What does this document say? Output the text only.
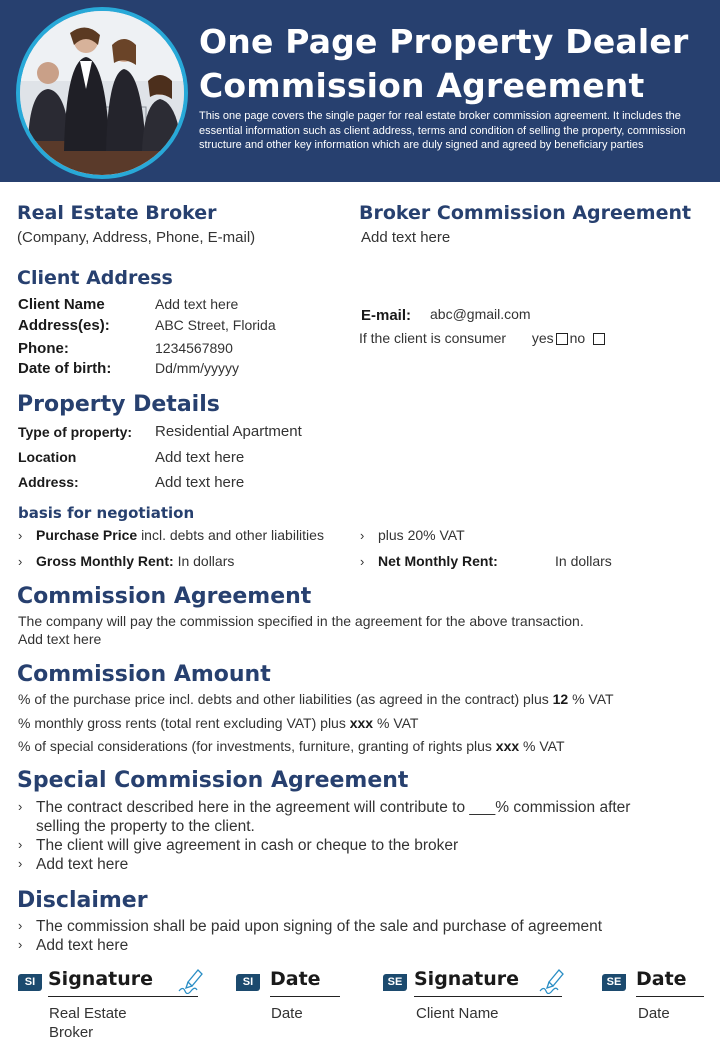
One Page Property Dealer Commission Agreement
This one page covers the single pager for real estate broker commission agreement. It includes the essential information such as client address, terms and condition of selling the property, commission structure and other key information which are duly signed and agreed by beneficiary parties
Real Estate Broker
(Company, Address, Phone, E-mail)
Broker Commission Agreement
Add text here
Client Address
Client Name	Add text here
Address(es):	ABC Street, Florida
Phone:	1234567890
Date of birth:	Dd/mm/yyyyy
E-mail: abc@gmail.com
If the client is consumer yes no
Property Details
Type of property: Residential Apartment
Location	Add text here
Address:	Add text here
basis for negotiation
› Purchase Price incl. debts and other liabilities	› plus 20% VAT
› Gross Monthly Rent: In dollars	› Net Monthly Rent:	In dollars
Commission Agreement
The company will pay the commission specified in the agreement for the above transaction.
Add text here
Commission Amount
% of the purchase price incl. debts and other liabilities (as agreed in the contract) plus 12 % VAT
% monthly gross rents (total rent excluding VAT) plus xxx % VAT
% of special considerations (for investments, furniture, granting of rights plus xxx % VAT
Special Commission Agreement
› The contract described here in the agreement will contribute to ___% commission after selling the property to the client.
› The client will give agreement in cash or cheque to the broker
› Add text here
Disclaimer
› The commission shall be paid upon signing of the sale and purchase of agreement
› Add text here
SI Signature
Real Estate Broker
SI Date
Date
SE Signature
Client Name
SE Date
Date
